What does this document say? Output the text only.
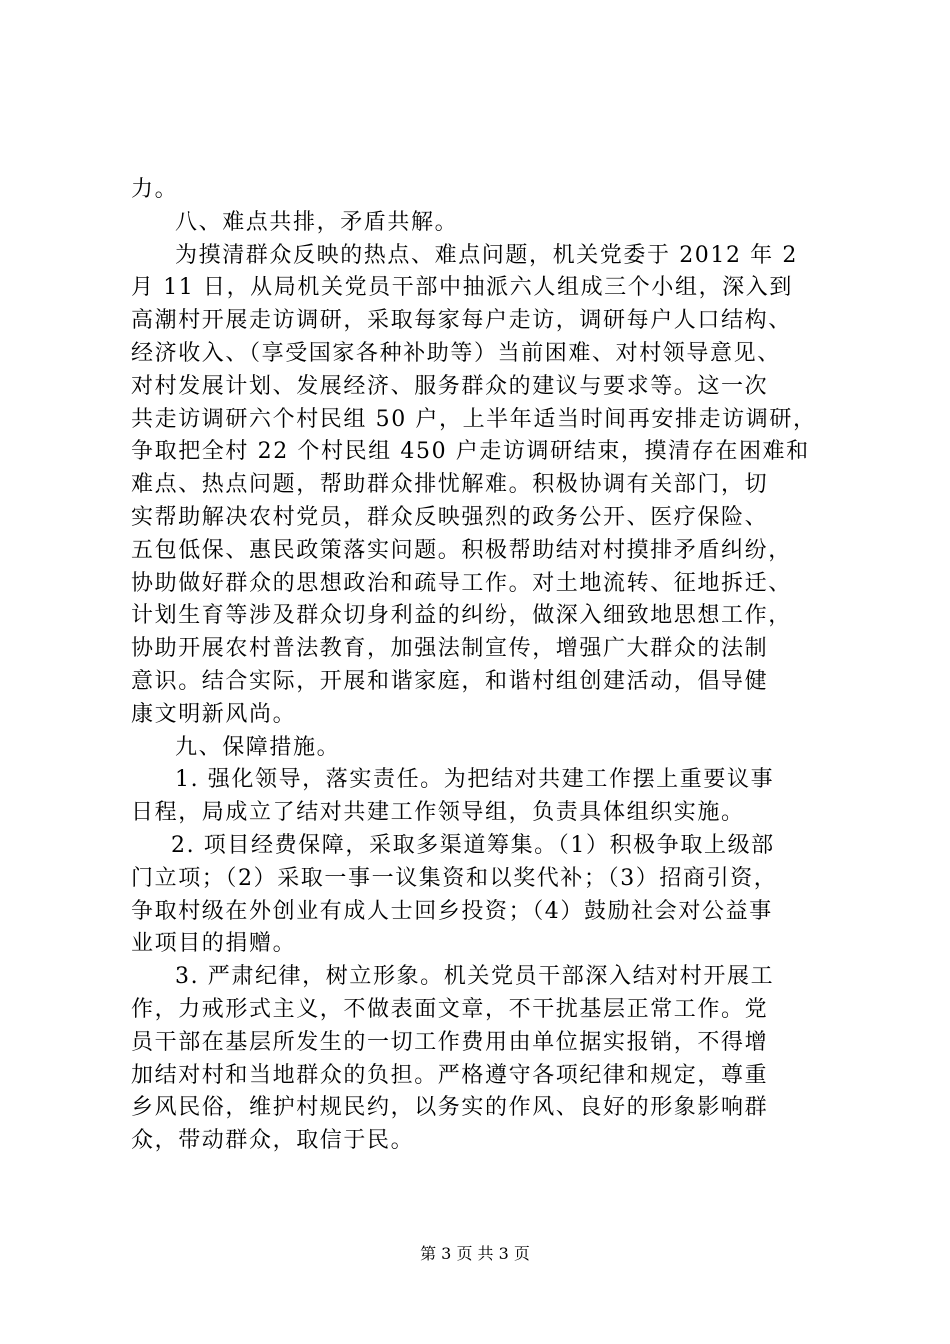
力。
八、难点共排，矛盾共解。
为摸清群众反映的热点、难点问题，机关党委于 2012 年 2
月 11 日，从局机关党员干部中抽派六人组成三个小组，深入到
高潮村开展走访调研，采取每家每户走访，调研每户人口结构、
经济收入、（享受国家各种补助等）当前困难、对村领导意见、
对村发展计划、发展经济、服务群众的建议与要求等。这一次
共走访调研六个村民组 50 户，上半年适当时间再安排走访调研，
争取把全村 22 个村民组 450 户走访调研结束，摸清存在困难和
难点、热点问题，帮助群众排忧解难。积极协调有关部门，切
实帮助解决农村党员，群众反映强烈的政务公开、医疗保险、
五包低保、惠民政策落实问题。积极帮助结对村摸排矛盾纠纷，
协助做好群众的思想政治和疏导工作。对土地流转、征地拆迁、
计划生育等涉及群众切身利益的纠纷，做深入细致地思想工作，
协助开展农村普法教育，加强法制宣传，增强广大群众的法制
意识。结合实际，开展和谐家庭，和谐村组创建活动，倡导健
康文明新风尚。
九、保障措施。
1. 强化领导，落实责任。为把结对共建工作摆上重要议事
日程，局成立了结对共建工作领导组，负责具体组织实施。
2. 项目经费保障，采取多渠道筹集。（1）积极争取上级部
门立项；（2）采取一事一议集资和以奖代补；（3）招商引资，
争取村级在外创业有成人士回乡投资；（4）鼓励社会对公益事
业项目的捐赠。
3. 严肃纪律，树立形象。机关党员干部深入结对村开展工
作，力戒形式主义，不做表面文章，不干扰基层正常工作。党
员干部在基层所发生的一切工作费用由单位据实报销，不得增
加结对村和当地群众的负担。严格遵守各项纪律和规定，尊重
乡风民俗，维护村规民约，以务实的作风、良好的形象影响群
众，带动群众，取信于民。
第 3 页 共 3 页
